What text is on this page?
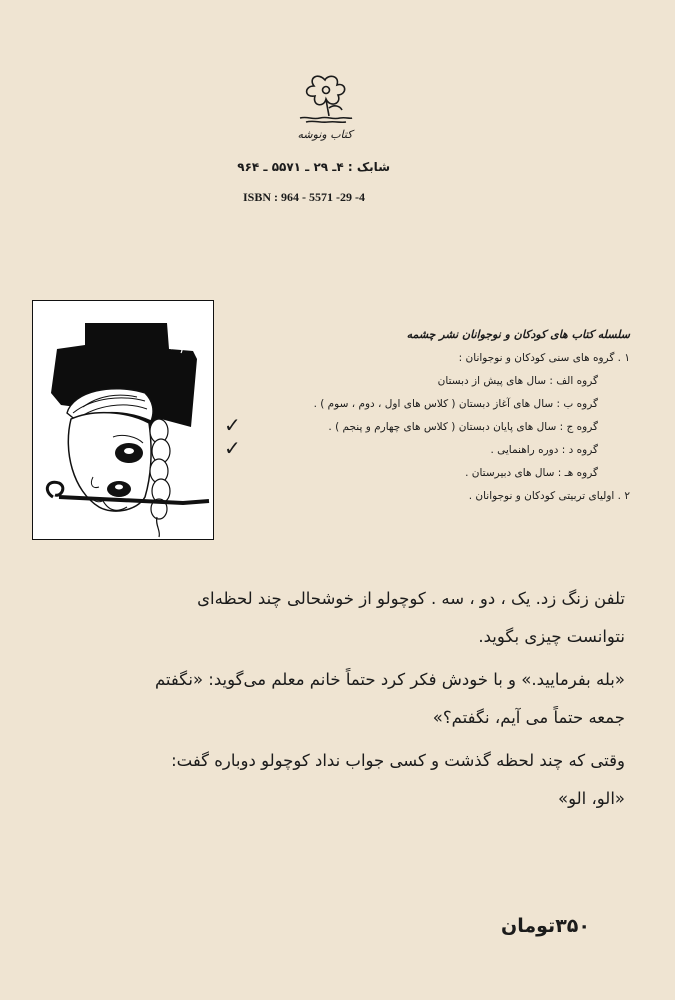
کتاب ونوشه
شابک : ۴ـ ۲۹ ـ ۵۵۷۱ ـ ۹۶۴
ISBN : 964 - 5571 -29 -4
سلسله کتاب های کودکان و نوجوانان نشر چشمه
۱ . گروه های سنی کودکان و نوجوانان :
گروه الف : سال های پیش از دبستان
گروه ب : سال های آغاز دبستان ( کلاس های اول ، دوم ، سوم ) .
گروه ج : سال های پایان دبستان ( کلاس های چهارم و پنجم ) .
✓
گروه د : دوره راهنمایی .
✓
گروه هـ : سال های دبیرستان .
۲ . اولیای تربیتی کودکان و نوجوانان .

تلفن زنگ زد. یک ، دو ، سه . کوچولو از خوشحالی چند لحظه‌ای

نتوانست چیزی بگوید.

«بله بفرمایید.» و با خودش فکر کرد حتماً خانم معلم می‌گوید: «نگفتم

جمعه حتماً می آیم، نگفتم؟»

وقتی که چند لحظه گذشت و کسی جواب نداد کوچولو دوباره گفت:

«الو، الو»

۳۵۰تومان
